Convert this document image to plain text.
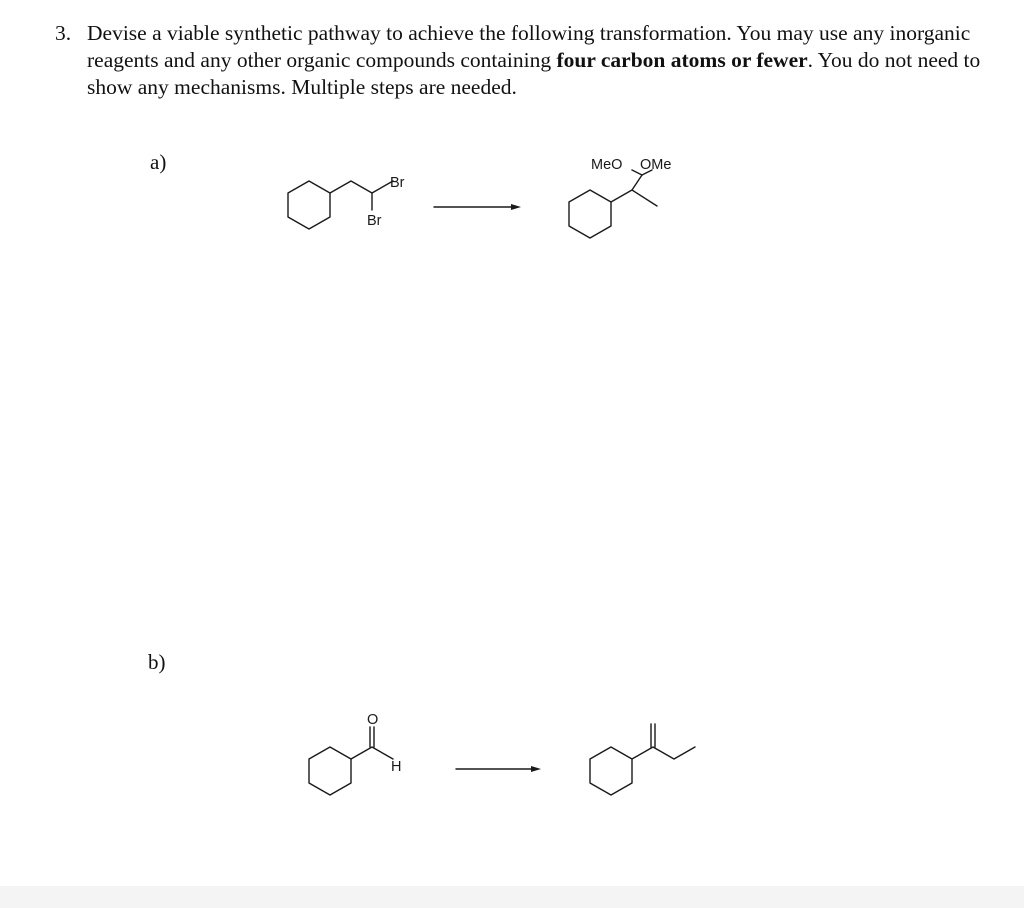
3. Devise a viable synthetic pathway to achieve the following transformation. You may use any inorganic reagents and any other organic compounds containing four carbon atoms or fewer. You do not need to show any mechanisms. Multiple steps are needed.
a)
b)
Br
Br
MeO OMe
O
H
